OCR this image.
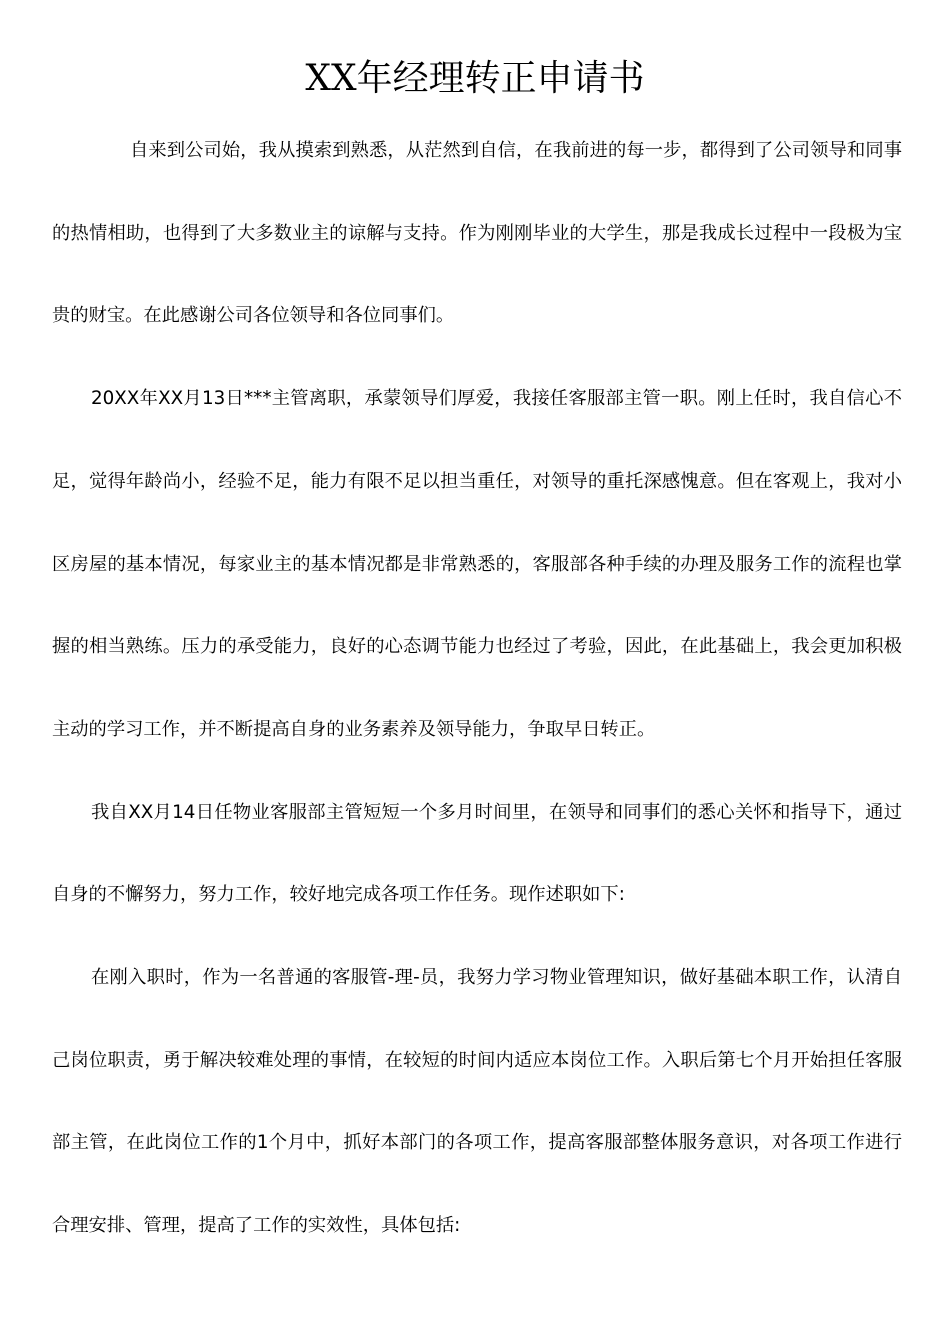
XX年经理转正申请书

自来到公司始，我从摸索到熟悉，从茫然到自信，在我前进的每一步，都得到了公司领导和同事的热情相助，也得到了大多数业主的谅解与支持。作为刚刚毕业的大学生，那是我成长过程中一段极为宝贵的财宝。在此感谢公司各位领导和各位同事们。

20XX年XX月13日***主管离职，承蒙领导们厚爱，我接任客服部主管一职。刚上任时，我自信心不足，觉得年龄尚小，经验不足，能力有限不足以担当重任，对领导的重托深感愧意。但在客观上，我对小区房屋的基本情况，每家业主的基本情况都是非常熟悉的，客服部各种手续的办理及服务工作的流程也掌握的相当熟练。压力的承受能力，良好的心态调节能力也经过了考验，因此，在此基础上，我会更加积极主动的学习工作，并不断提高自身的业务素养及领导能力，争取早日转正。

我自XX月14日任物业客服部主管短短一个多月时间里，在领导和同事们的悉心关怀和指导下，通过自身的不懈努力，努力工作，较好地完成各项工作任务。现作述职如下:

在刚入职时，作为一名普通的客服管-理-员，我努力学习物业管理知识，做好基础本职工作，认清自己岗位职责，勇于解决较难处理的事情，在较短的时间内适应本岗位工作。入职后第七个月开始担任客服部主管，在此岗位工作的1个月中，抓好本部门的各项工作，提高客服部整体服务意识，对各项工作进行合理安排、管理，提高了工作的实效性，具体包括:
